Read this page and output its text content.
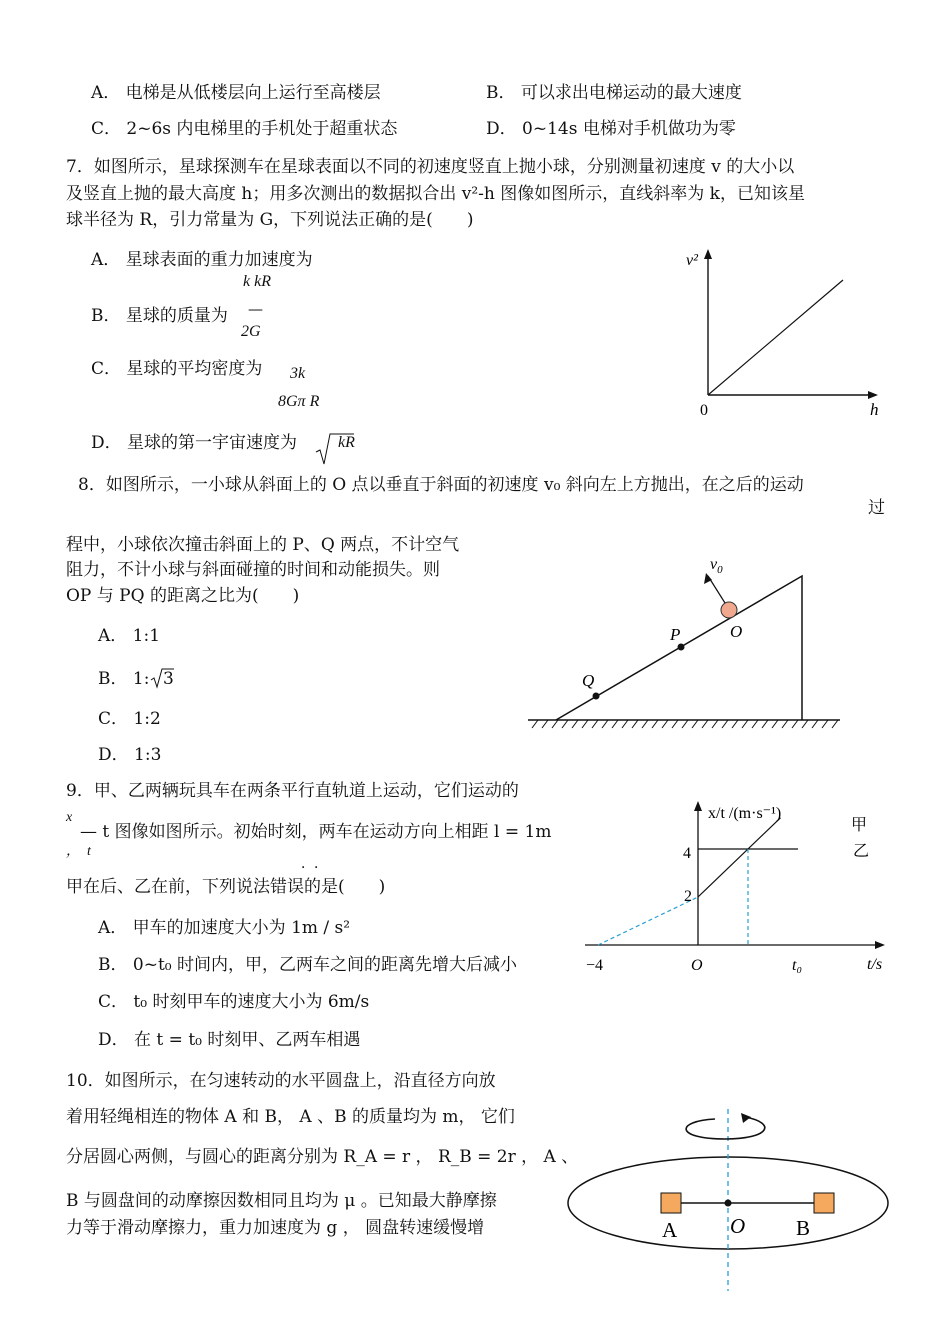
A． 电梯是从低楼层向上运行至高楼层	B． 可以求出电梯运动的最大速度
C． 2~6s 内电梯里的手机处于超重状态	D． 0~14s 电梯对手机做功为零
7．如图所示，星球探测车在星球表面以不同的初速度竖直上抛小球，分别测量初速度 v 的大小以
及竖直上抛的最大高度 h；用多次测出的数据拟合出 v²-h 图像如图所示，直线斜率为 k，已知该星
球半径为 R，引力常量为 G，下列说法正确的是(　　)
A． 星球表面的重力加速度为
k kR
B． 星球的质量为 —
2G
C． 星球的平均密度为 3k
8Gπ R
D． 星球的第一宇宙速度为	kR
v²
h
0
8．如图所示，一小球从斜面上的 O 点以垂直于斜面的初速度 v₀ 斜向左上方抛出，在之后的运动
过
程中，小球依次撞击斜面上的 P、Q 两点，不计空气
阻力，不计小球与斜面碰撞的时间和动能损失。则
OP 与 PQ 的距离之比为(　　)
A． 1:1
B． 1: 3
C． 1:2
D． 1:3
$v_0$
O
P
Q
9．甲、乙两辆玩具车在两条平行直轨道上运动，它们运动的
x
— t 图像如图所示。初始时刻，两车在运动方向上相距 l = 1m
，　t
．．
甲在后、乙在前，下列说法错误的是(　　)
A． 甲车的加速度大小为 1m / s²
B． 0~t₀ 时间内，甲，乙两车之间的距离先增大后减小
C． t₀ 时刻甲车的速度大小为 6m/s
D． 在 t = t₀ 时刻甲、乙两车相遇
x/t /(m·s⁻¹)
t/s
甲
乙
4
2
−4	O	t₀
10．如图所示，在匀速转动的水平圆盘上，沿直径方向放
着用轻绳相连的物体 A 和 B， A 、B 的质量均为 m， 它们
分居圆心两侧，与圆心的距离分别为 R_A = r ， R_B = 2r ， A 、
B 与圆盘间的动摩擦因数相同且均为 μ 。已知最大静摩擦
力等于滑动摩擦力，重力加速度为 g ， 圆盘转速缓慢增	A	B
O
